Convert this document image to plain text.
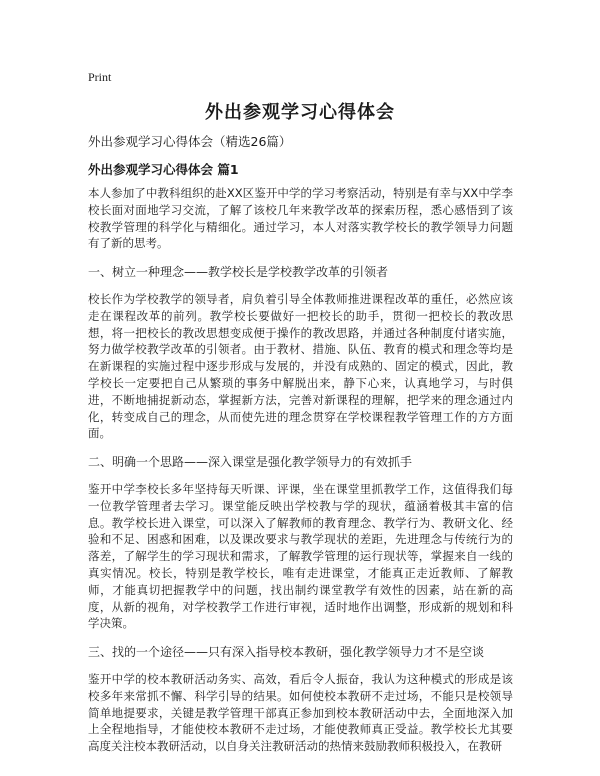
Print
外出参观学习心得体会
外出参观学习心得体会（精选26篇）
外出参观学习心得体会 篇1

本人参加了中教科组织的赴XX区鉴开中学的学习考察活动，特别是有幸与XX中学李校长面对面地学习交流，了解了该校几年来教学改革的探索历程，悉心感悟到了该校教学管理的科学化与精细化。通过学习，本人对落实教学校长的教学领导力问题有了新的思考。

一、树立一种理念——教学校长是学校教学改革的引领者

校长作为学校教学的领导者，肩负着引导全体教师推进课程改革的重任，必然应该走在课程改革的前列。教学校长要做好一把校长的助手，贯彻一把校长的教改思想，将一把校长的教改思想变成便于操作的教改思路，并通过各种制度付诸实施，努力做学校教学改革的引领者。由于教材、措施、队伍、教育的模式和理念等均是在新课程的实施过程中逐步形成与发展的，并没有成熟的、固定的模式，因此，教学校长一定要把自己从繁琐的事务中解脱出来，静下心来，认真地学习，与时俱进，不断地捕捉新动态，掌握新方法，完善对新课程的理解，把学来的理念通过内化，转变成自己的理念，从而使先进的理念贯穿在学校课程教学管理工作的方方面面。

二、明确一个思路——深入课堂是强化教学领导力的有效抓手

鉴开中学李校长多年坚持每天听课、评课，坐在课堂里抓教学工作，这值得我们每一位教学管理者去学习。课堂能反映出学校教与学的现状，蕴涵着极其丰富的信息。教学校长进入课堂，可以深入了解教师的教育理念、教学行为、教研文化、经验和不足、困惑和困难，以及课改要求与教学现状的差距，先进理念与传统行为的落差，了解学生的学习现状和需求，了解教学管理的运行现状等，掌握来自一线的真实情况。校长，特别是教学校长，唯有走进课堂，才能真正走近教师、了解教师，才能真切把握教学中的问题，找出制约课堂教学有效性的因素，站在新的高度，从新的视角，对学校教学工作进行审视，适时地作出调整，形成新的规划和科学决策。

三、找的一个途径——只有深入指导校本教研，强化教学领导力才不是空谈

鉴开中学的校本教研活动务实、高效，看后令人振奋，我认为这种模式的形成是该校多年来常抓不懈、科学引导的结果。如何使校本教研不走过场，不能只是校领导简单地提要求，关键是教学管理干部真正参加到校本教研活动中去，全面地深入加上全程地指导，才能使校本教研不走过场，才能使教师真正受益。教学校长尤其要高度关注校本教研活动，以自身关注教研活动的热情来鼓励教师积极投入，在教研
